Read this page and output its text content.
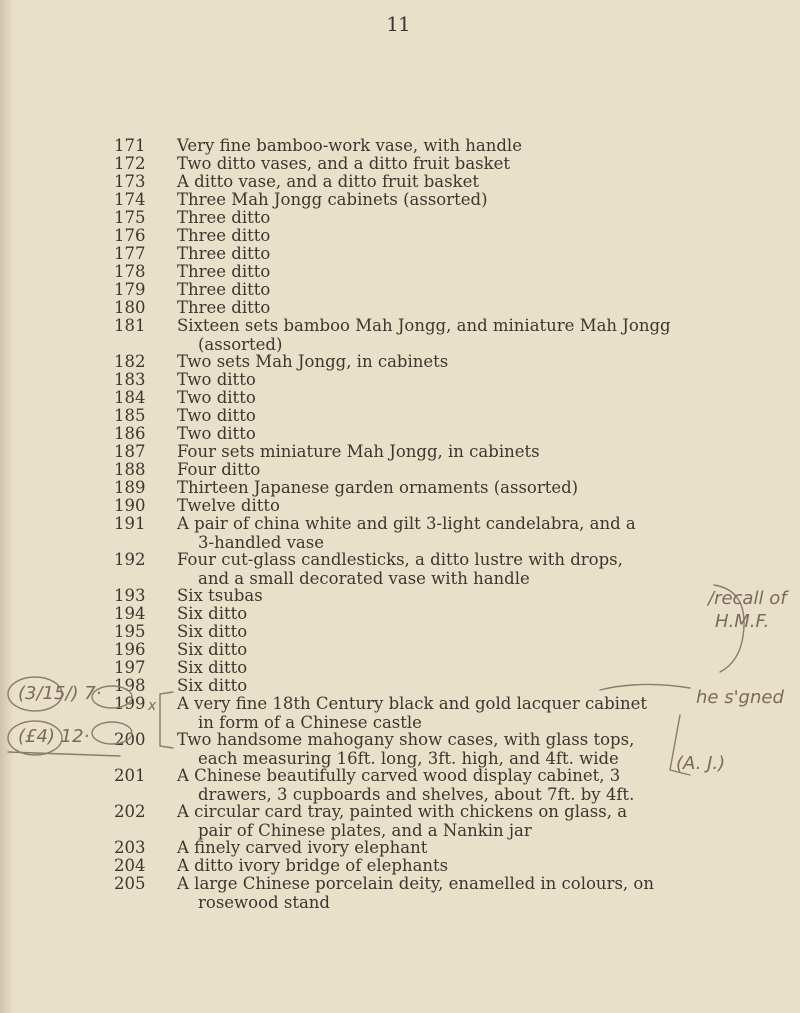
11
171	Very fine bamboo-work vase, with handle
172	Two ditto vases, and a ditto fruit basket
173	A ditto vase, and a ditto fruit basket
174	Three Mah Jongg cabinets (assorted)
175	Three ditto
176	Three ditto
177	Three ditto
178	Three ditto
179	Three ditto
180	Three ditto
181	Sixteen sets bamboo Mah Jongg, and miniature Mah Jongg
(assorted)
182	Two sets Mah Jongg, in cabinets
183	Two ditto
184	Two ditto
185	Two ditto
186	Two ditto
187	Four sets miniature Mah Jongg, in cabinets
188	Four ditto
189	Thirteen Japanese garden ornaments (assorted)
190	Twelve ditto
191	A pair of china white and gilt 3-light candelabra, and a
3-handled vase
192	Four cut-glass candlesticks, a ditto lustre with drops,
and a small decorated vase with handle
193	Six tsubas
194	Six ditto
195	Six ditto
196	Six ditto
197	Six ditto
198	Six ditto
199	A very fine 18th Century black and gold lacquer cabinet
in form of a Chinese castle
200	Two handsome mahogany show cases, with glass tops,
each measuring 16ft. long, 3ft. high, and 4ft. wide
201	A Chinese beautifully carved wood display cabinet, 3
drawers, 3 cupboards and shelves, about 7ft. by 4ft.
202	A circular card tray, painted with chickens on glass, a
pair of Chinese plates, and a Nankin jar
203	A finely carved ivory elephant
204	A ditto ivory bridge of elephants
205	A large Chinese porcelain deity, enamelled in colours, on
rosewood stand
(3/15/) 7·
(£4) 12·
x
/recall of
H.M.F.
he s'gned
(A. J.)
